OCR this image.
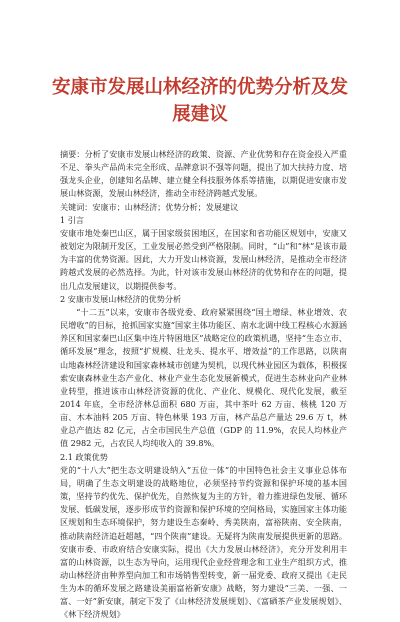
安康市发展山林经济的优势分析及发展建议

摘要：分析了安康市发展山林经济的政策、资源、产业优势和存在资金投入严重不足、拳头产品尚未完全形成、品牌意识不强等问题，提出了加大扶持力度、培强龙头企业，创建知名品牌、建立健全科技服务体系等措施，以期促进安康市发展山林资源，发展山林经济，推动全市经济跨越式发展。

关键词： 安康市 ； 山林经济 ； 优势分析 ； 发展建议

1 引言

安康市地处秦巴山区，属于国家级贫困地区，在国家和省功能区规划中，安康又被划定为限制开发区，工业发展必然受到严格限制。同时，“山”和“林”是该市最为丰富的优势资源。因此，大力开发山林资源，发展山林经济，是推动全市经济跨越式发展的必然选择。为此，针对该市发展山林经济的优势和存在的问题，提出几点发展建议，以期提供参考。

2 安康市发展山林经济的优势分析

“十二五”以来，安康市各级党委、政府紧紧围绕“国土增绿、林业增效、农民增收”的目标，抢抓国家实施“国家主体功能区、南水北调中线工程核心水源涵养区和国家秦巴山区集中连片特困地区”战略定位的政策机遇，坚持“生态立市、循环发展”理念，按照“扩规模、壮龙头、提水平、增效益”的工作思路，以陕南山地森林经济建设和国家森林城市创建为契机，以现代林业园区为载体，积极探索安康森林业生态产业化、林业产业生态化发展新模式，促进生态林业向产业林业转型，推进该市山林经济资源的优化、产业化、规模化、现代化发展，截至 2014 年底，全市经济林总面积 680 万亩，其中茶叶 62 万亩、核桃 120 万亩、木本油料 205 万亩、特色林果 193 万亩，林产品总产量达 29.6 万 t，林业总产值达 82 亿元，占全市国民生产总值（GDP 的 11.9%，农民人均林业产值 2982 元，占农民人均纯收入的 39.8%。

2.1 政策优势

党的“十八大”把生态文明建设纳入“五位一体”的中国特色社会主义事业总体布局，明确了生态文明建设的战略地位，必须坚持节约资源和保护环境的基本国策，坚持节约优先、保护优先，自然恢复为主的方针，着力推进绿色发展、循环发展、低碳发展，逐步形成节约资源和保护环境的空间格局，实施国家主体功能区规划和生态环境保护，努力建设生态秦岭、秀美陕南，富裕陕南、安全陕南，推动陕南经济追赶超越，“四个陕南”建设。无疑将为陕南发展提供更新的思路。安康市委、市政府结合安康实际，提出《大力发展山林经济》，充分开发利用丰富的山林资源，以生态为导向，运用现代企业经营理念和工业生产组织方式，推动山林经济由种养型向加工和市场销售型转变，新一届党委、政府又提出《走民生为本的循环发展之路建设美丽富裕新安康》战略，努力建设“三美、一强、一富、一好”新安康，制定下发了《山林经济发展规划》、《富硒茶产业发展规划》、《林下经济规划》
